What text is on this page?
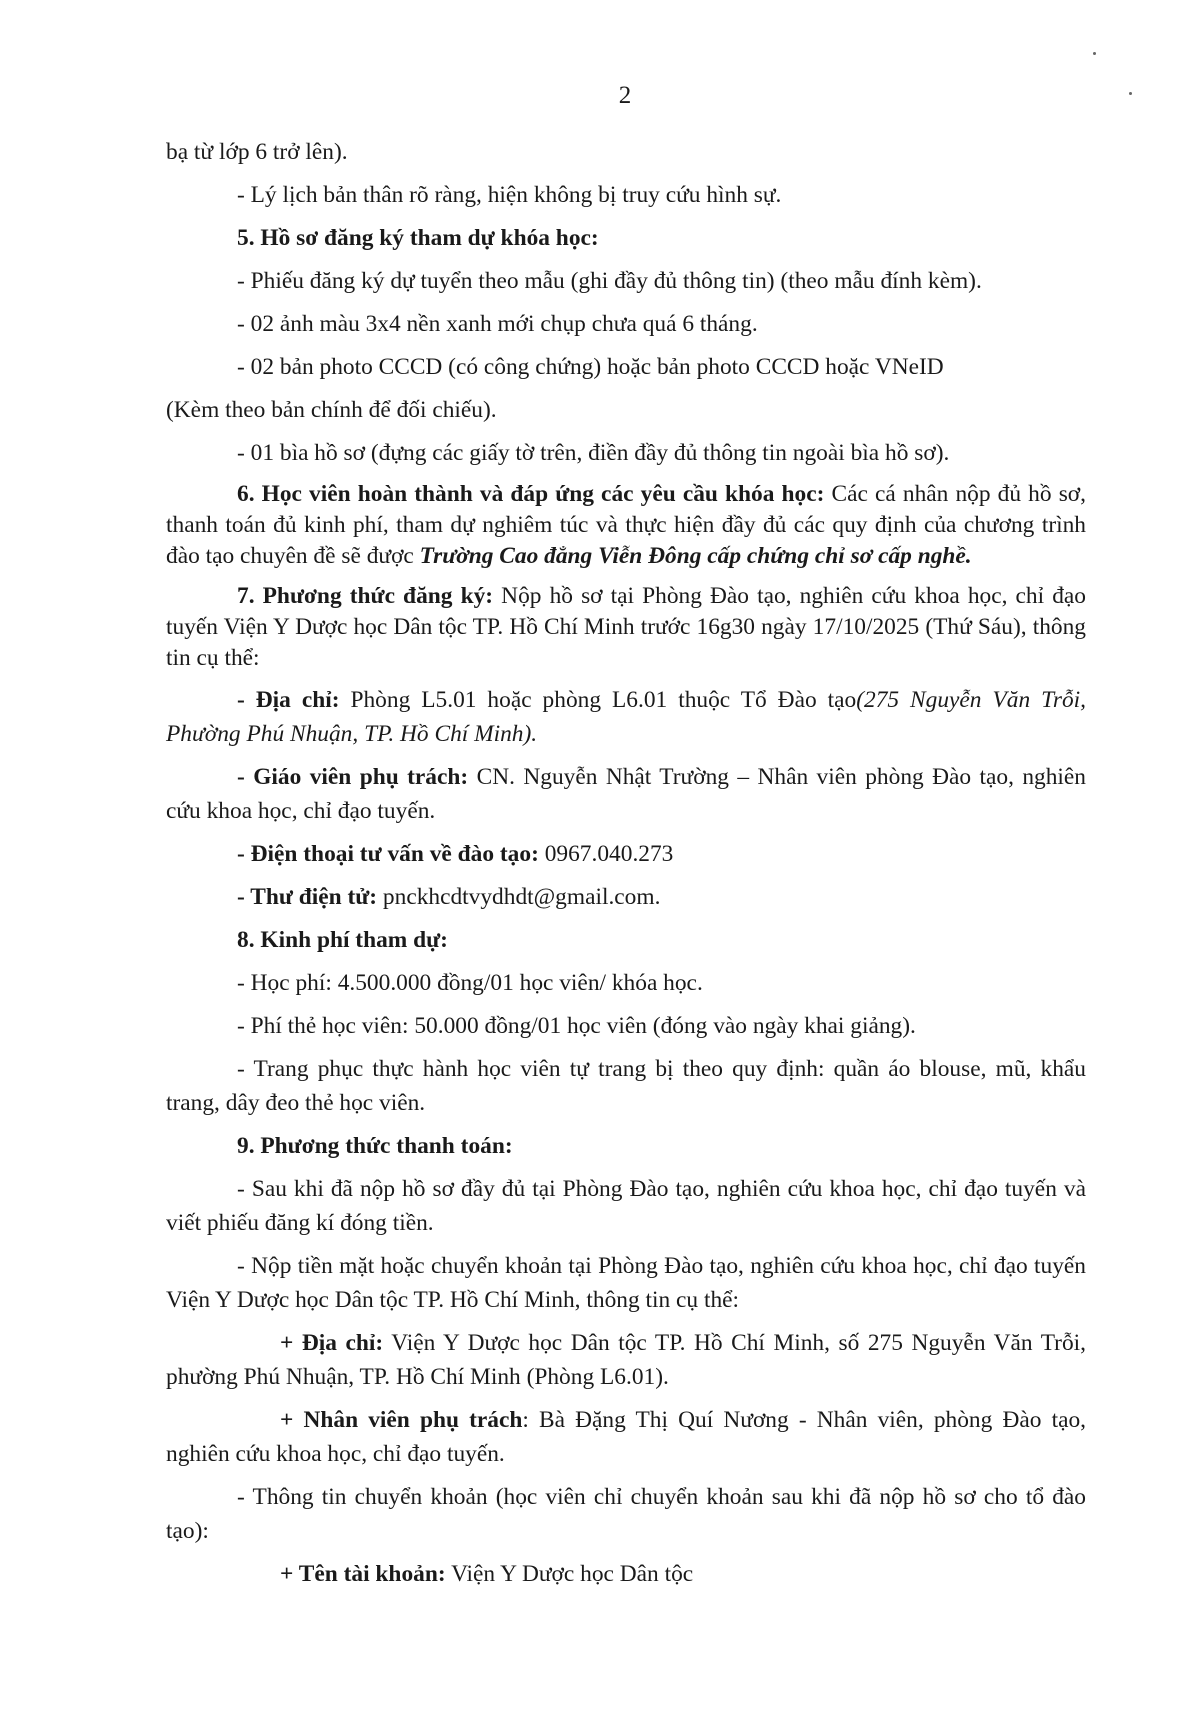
2

bạ từ lớp 6 trở lên).

- Lý lịch bản thân rõ ràng, hiện không bị truy cứu hình sự.

5. Hồ sơ đăng ký tham dự khóa học:

- Phiếu đăng ký dự tuyển theo mẫu (ghi đầy đủ thông tin) (theo mẫu đính kèm).

- 02 ảnh màu 3x4 nền xanh mới chụp chưa quá 6 tháng.

- 02 bản photo CCCD (có công chứng) hoặc bản photo CCCD hoặc VNeID

(Kèm theo bản chính để đối chiếu).

- 01 bìa hồ sơ (đựng các giấy tờ trên, điền đầy đủ thông tin ngoài bìa hồ sơ).

6. Học viên hoàn thành và đáp ứng các yêu cầu khóa học: Các cá nhân nộp đủ hồ sơ, thanh toán đủ kinh phí, tham dự nghiêm túc và thực hiện đầy đủ các quy định của chương trình đào tạo chuyên đề sẽ được Trường Cao đẳng Viễn Đông cấp chứng chỉ sơ cấp nghề.

7. Phương thức đăng ký: Nộp hồ sơ tại Phòng Đào tạo, nghiên cứu khoa học, chỉ đạo tuyến Viện Y Dược học Dân tộc TP. Hồ Chí Minh trước 16g30 ngày 17/10/2025 (Thứ Sáu), thông tin cụ thể:

- Địa chỉ: Phòng L5.01 hoặc phòng L6.01 thuộc Tổ Đào tạo(275 Nguyễn Văn Trỗi, Phường Phú Nhuận, TP. Hồ Chí Minh).

- Giáo viên phụ trách: CN. Nguyễn Nhật Trường – Nhân viên phòng Đào tạo, nghiên cứu khoa học, chỉ đạo tuyến.

- Điện thoại tư vấn về đào tạo: 0967.040.273

- Thư điện tử: pnckhcdtvydhdt@gmail.com.

8. Kinh phí tham dự:

- Học phí: 4.500.000 đồng/01 học viên/ khóa học.

- Phí thẻ học viên: 50.000 đồng/01 học viên (đóng vào ngày khai giảng).

- Trang phục thực hành học viên tự trang bị theo quy định: quần áo blouse, mũ, khẩu trang, dây đeo thẻ học viên.

9. Phương thức thanh toán:

- Sau khi đã nộp hồ sơ đầy đủ tại Phòng Đào tạo, nghiên cứu khoa học, chỉ đạo tuyến và viết phiếu đăng kí đóng tiền.

- Nộp tiền mặt hoặc chuyển khoản tại Phòng Đào tạo, nghiên cứu khoa học, chỉ đạo tuyến Viện Y Dược học Dân tộc TP. Hồ Chí Minh, thông tin cụ thể:

+ Địa chỉ: Viện Y Dược học Dân tộc TP. Hồ Chí Minh, số 275 Nguyễn Văn Trỗi, phường Phú Nhuận, TP. Hồ Chí Minh (Phòng L6.01).

+ Nhân viên phụ trách: Bà Đặng Thị Quí Nương - Nhân viên, phòng Đào tạo, nghiên cứu khoa học, chỉ đạo tuyến.

- Thông tin chuyển khoản (học viên chỉ chuyển khoản sau khi đã nộp hồ sơ cho tổ đào tạo):

+ Tên tài khoản: Viện Y Dược học Dân tộc
